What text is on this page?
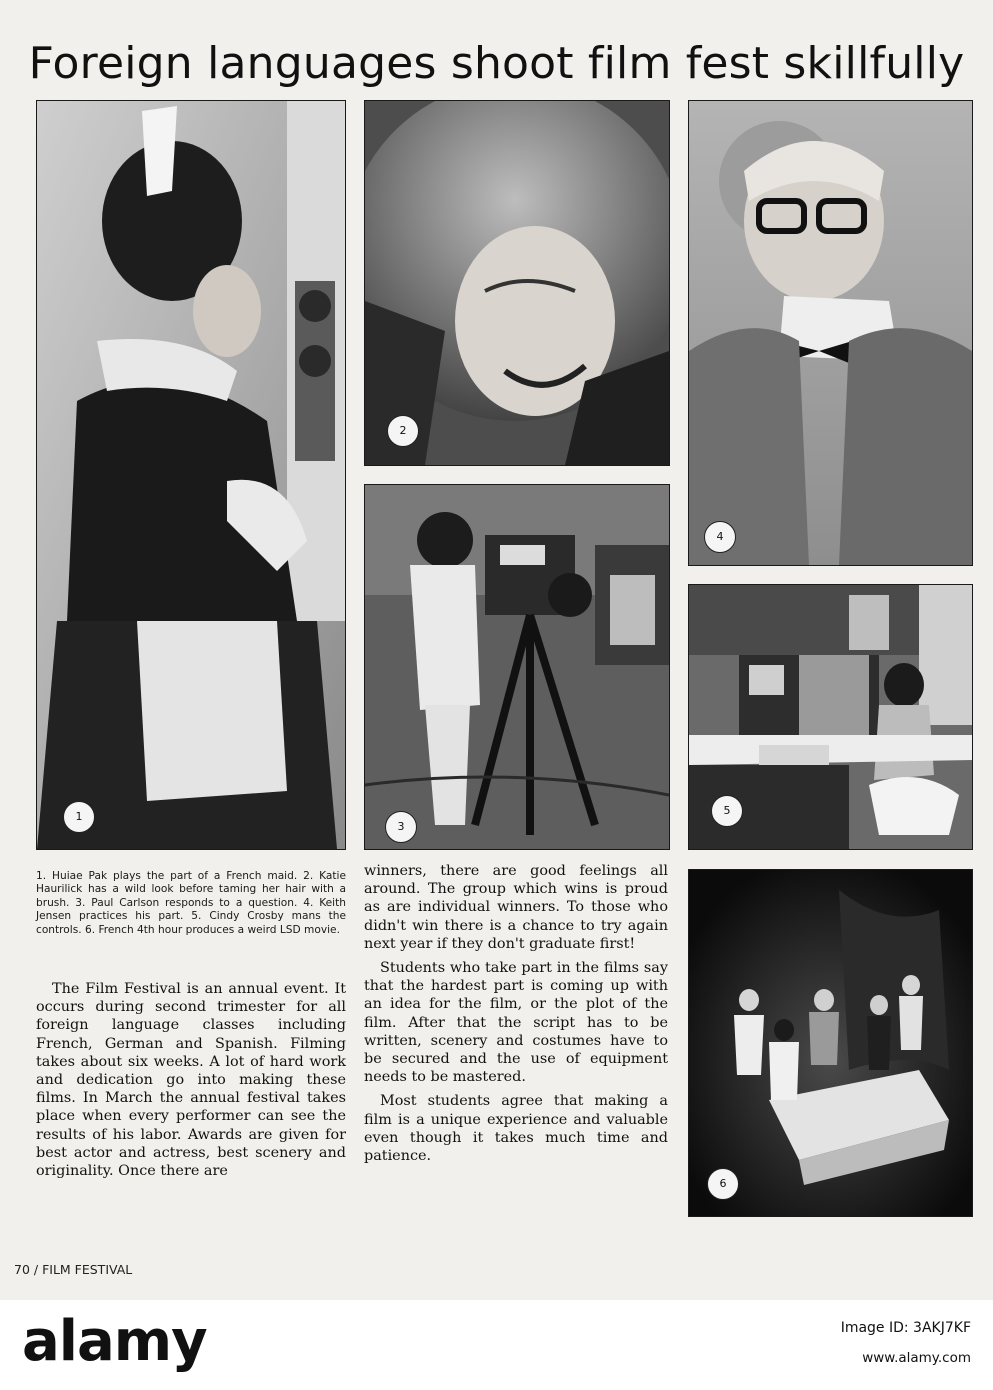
Foreign languages shoot film fest skillfully
1
2
4
3
5
6

1. Huiae Pak plays the part of a French maid. 2. Katie Haurilick has a wild look before taming her hair with a brush. 3. Paul Carlson responds to a question. 4. Keith Jensen practices his part. 5. Cindy Crosby mans the controls. 6. French 4th hour produces a weird LSD movie.

The Film Festival is an annual event. It occurs during second trimester for all foreign language classes including French, German and Spanish. Filming takes about six weeks. A lot of hard work and dedication go into making these films. In March the annual festival takes place when every performer can see the results of his labor. Awards are given for best actor and actress, best scenery and originality. Once there are

winners, there are good feelings all around. The group which wins is proud as are individual winners. To those who didn't win there is a chance to try again next year if they don't graduate first!

Students who take part in the films say that the hardest part is coming up with an idea for the film, or the plot of the film. After that the script has to be written, scenery and costumes have to be secured and the use of equipment needs to be mastered.

Most students agree that making a film is a unique experience and valuable even though it takes much time and patience.

70 / FILM FESTIVAL
alamy	Image ID: 3AKJ7KF
www.alamy.com
